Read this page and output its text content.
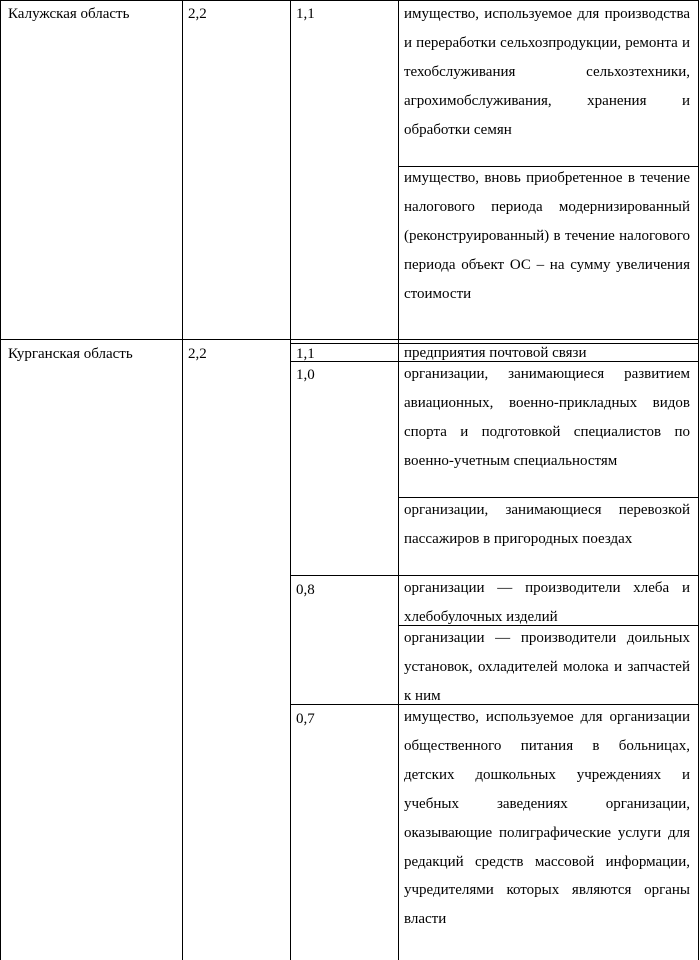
Калужская область	2,2	1,1	имущество, используемое для производства и переработки сельхозпродукции, ремонта и техобслуживания сельхозтехники, агрохимобслуживания, хранения и обработки семян
имущество, вновь приобретенное в течение налогового периода модернизированный (реконструированный) в течение налогового периода объект ОС – на сумму увеличения стоимости
Курганская область	2,2	1,1	предприятия почтовой связи
1,0	организации, занимающиеся развитием авиационных, военно-прикладных видов спорта и подготовкой специалистов по военно-учетным специальностям
организации, занимающиеся перевозкой пассажиров в пригородных поездах
0,8	организации — производители хлеба и хлебобулочных изделий
организации — производители доильных установок, охладителей молока и запчастей к ним
0,7	имущество, используемое для организации общественного питания в больницах, детских дошкольных учреждениях и учебных заведениях организации, оказывающие полиграфические услуги для редакций средств массовой информации, учредителями которых являются органы власти
